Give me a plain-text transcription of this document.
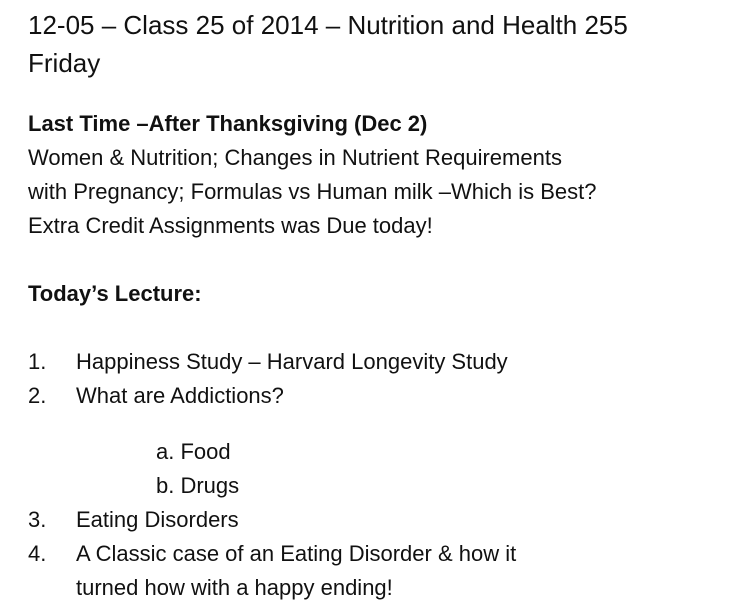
12-05 – Class 25 of 2014 – Nutrition and Health 255
Friday
Last Time –After Thanksgiving (Dec 2)
Women & Nutrition; Changes in Nutrient Requirements
with Pregnancy; Formulas vs Human milk –Which is Best?
Extra Credit Assignments was Due today!
Today’s Lecture:
1.	Happiness Study – Harvard Longevity Study
2.	What are Addictions?
a. Food
b. Drugs
3.	Eating Disorders
4.	A Classic case of an Eating Disorder & how it
turned how with a happy ending!
